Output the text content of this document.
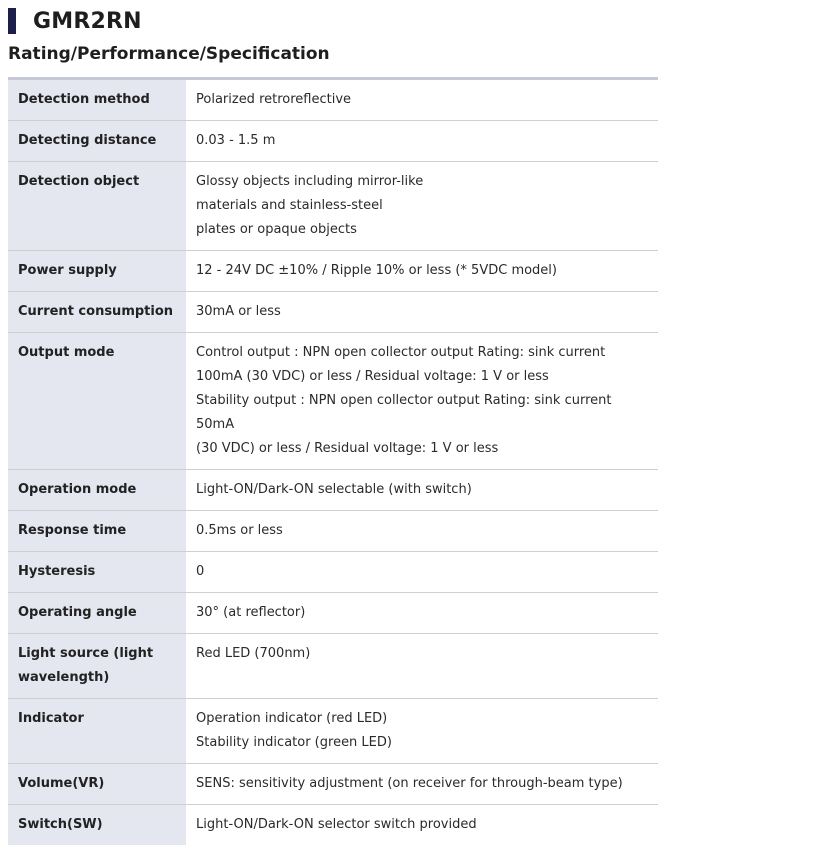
GMR2RN
Rating/Performance/Specification
Detection method	Polarized retroreflective

Detecting distance	0.03 - 1.5 m

Detection object	Glossy objects including mirror-like
materials and stainless-steel
plates or opaque objects

Power supply	12 - 24V DC ±10% / Ripple 10% or less (* 5VDC model)

Current consumption	30mA or less

Output mode	Control output : NPN open collector output Rating: sink current
100mA (30 VDC) or less / Residual voltage: 1 V or less
Stability output : NPN open collector output Rating: sink current 50mA
(30 VDC) or less / Residual voltage: 1 V or less

Operation mode	Light-ON/Dark-ON selectable (with switch)

Response time	0.5ms or less

Hysteresis	0

Operating angle	30° (at reflector)

Light source (light wavelength)	Red LED (700nm)

Indicator	Operation indicator (red LED)
Stability indicator (green LED)

Volume(VR)	SENS: sensitivity adjustment (on receiver for through-beam type)

Switch(SW)	Light-ON/Dark-ON selector switch provided
